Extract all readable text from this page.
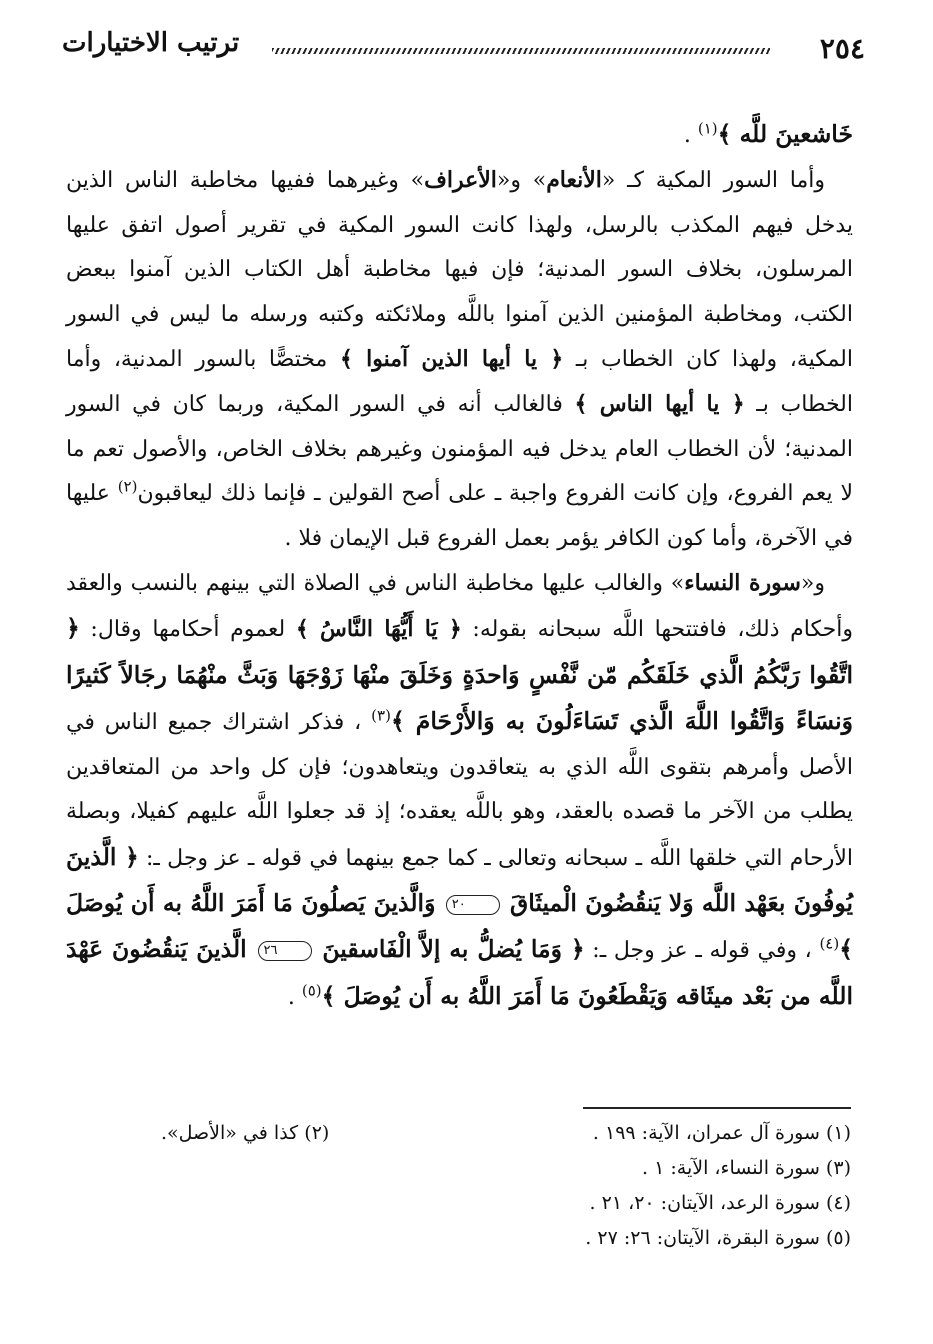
٢٥٤
ترتيب الاختيارات

خَاشعينَ للَّه ﴾$^{(١)}$ .

وأما السور المكية كـ «الأنعام» و«الأعراف» وغيرهما ففيها مخاطبة الناس الذين يدخل فيهم المكذب بالرسل، ولهذا كانت السور المكية في تقرير أصول اتفق عليها المرسلون، بخلاف السور المدنية؛ فإن فيها مخاطبة أهل الكتاب الذين آمنوا ببعض الكتب، ومخاطبة المؤمنين الذين آمنوا باللَّه وملائكته وكتبه ورسله ما ليس في السور المكية، ولهذا كان الخطاب بـ ﴿ يا أيها الذين آمنوا ﴾ مختصًّا بالسور المدنية، وأما الخطاب بـ ﴿ يا أيها الناس ﴾ فالغالب أنه في السور المكية، وربما كان في السور المدنية؛ لأن الخطاب العام يدخل فيه المؤمنون وغيرهم بخلاف الخاص، والأصول تعم ما لا يعم الفروع، وإن كانت الفروع واجبة ـ على أصح القولين ـ فإنما ذلك ليعاقبون$^{(٢)}$ عليها في الآخرة، وأما كون الكافر يؤمر بعمل الفروع قبل الإيمان فلا .

و«سورة النساء» والغالب عليها مخاطبة الناس في الصلاة التي بينهم بالنسب والعقد وأحكام ذلك، فافتتحها اللَّه سبحانه بقوله: ﴿ يَا أَيُّهَا النَّاسُ ﴾ لعموم أحكامها وقال: ﴿ اتَّقُوا رَبَّكُمُ الَّذي خَلَقَكُم مّن نَّفْسٍ وَاحدَةٍ وَخَلَقَ منْهَا زَوْجَهَا وَبَثَّ منْهُمَا رجَالاً كَثيرًا وَنسَاءً وَاتَّقُوا اللَّهَ الَّذي تَسَاءَلُونَ به وَالأَرْحَامَ ﴾$^{(٣)}$ ، فذكر اشتراك جميع الناس في الأصل وأمرهم بتقوى اللَّه الذي به يتعاقدون ويتعاهدون؛ فإن كل واحد من المتعاقدين يطلب من الآخر ما قصده بالعقد، وهو باللَّه يعقده؛ إذ قد جعلوا اللَّه عليهم كفيلا، وبصلة الأرحام التي خلقها اللَّه ـ سبحانه وتعالى ـ كما جمع بينهما في قوله ـ عز وجل ـ: ﴿ الَّذينَ يُوفُونَ بعَهْد اللَّه وَلا يَنقُضُونَ الْميثَاقَ ٢٠ وَالَّذينَ يَصلُونَ مَا أَمَرَ اللَّهُ به أَن يُوصَلَ ﴾$^{(٤)}$ ، وفي قوله ـ عز وجل ـ: ﴿ وَمَا يُضلُّ به إلاَّ الْفَاسقينَ ٢٦ الَّذينَ يَنقُضُونَ عَهْدَ اللَّه من بَعْد ميثَاقه وَيَقْطَعُونَ مَا أَمَرَ اللَّهُ به أَن يُوصَلَ ﴾$^{(٥)}$ .

(١) سورة آل عمران، الآية: ١٩٩ .
(٢) كذا في «الأصل».
(٣) سورة النساء، الآية: ١ .
(٤) سورة الرعد، الآيتان: ٢٠، ٢١ .
(٥) سورة البقرة، الآيتان: ٢٦: ٢٧ .
